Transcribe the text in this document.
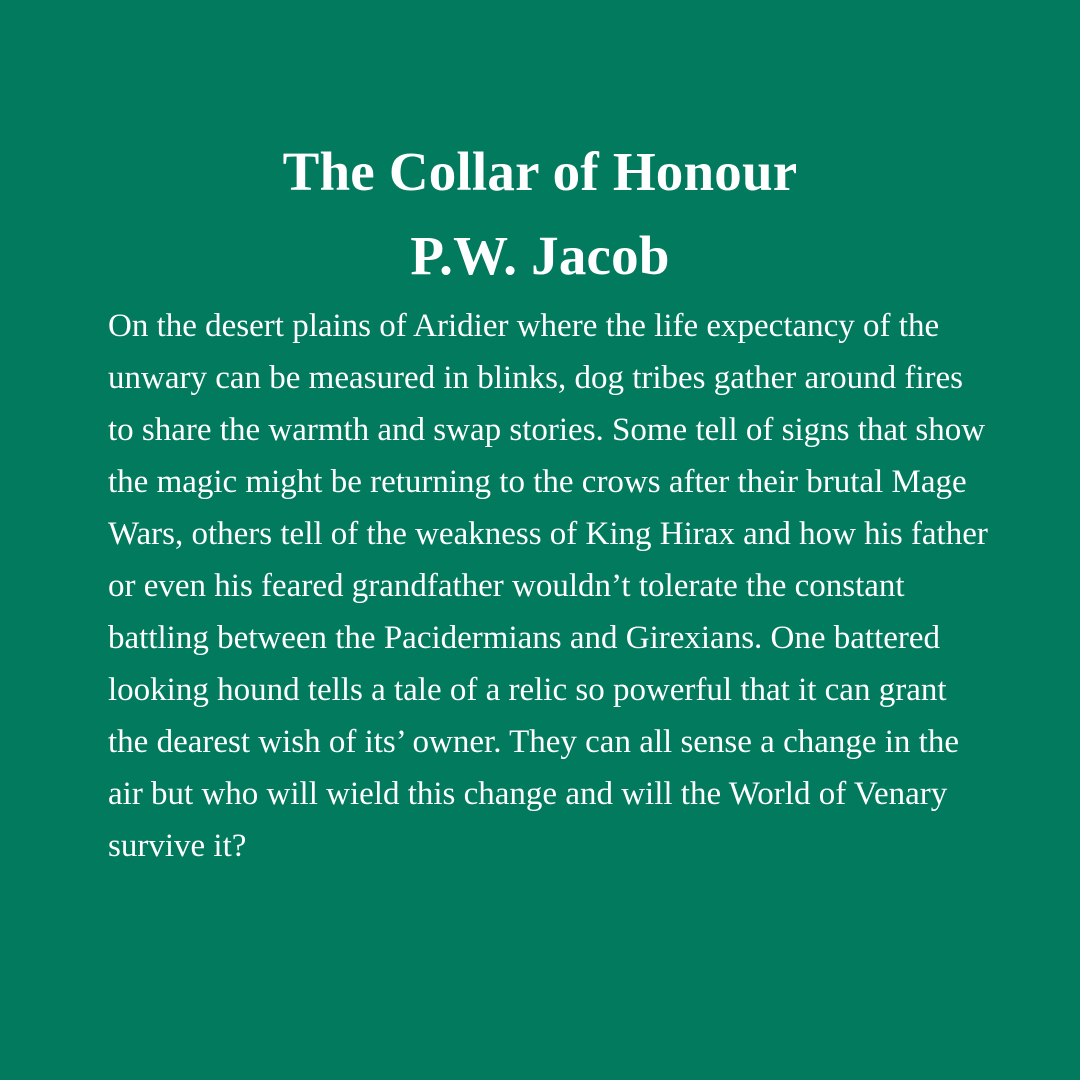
The Collar of Honour
P.W. Jacob

On the desert plains of Aridier where the life expectancy of the unwary can be measured in blinks, dog tribes gather around fires to share the warmth and swap stories. Some tell of signs that show the magic might be returning to the crows after their brutal Mage Wars, others tell of the weakness of King Hirax and how his father or even his feared grandfather wouldn’t tolerate the constant battling between the Pacidermians and Girexians. One battered looking hound tells a tale of a relic so powerful that it can grant the dearest wish of its’ owner. They can all sense a change in the air but who will wield this change and will the World of Venary survive it?
